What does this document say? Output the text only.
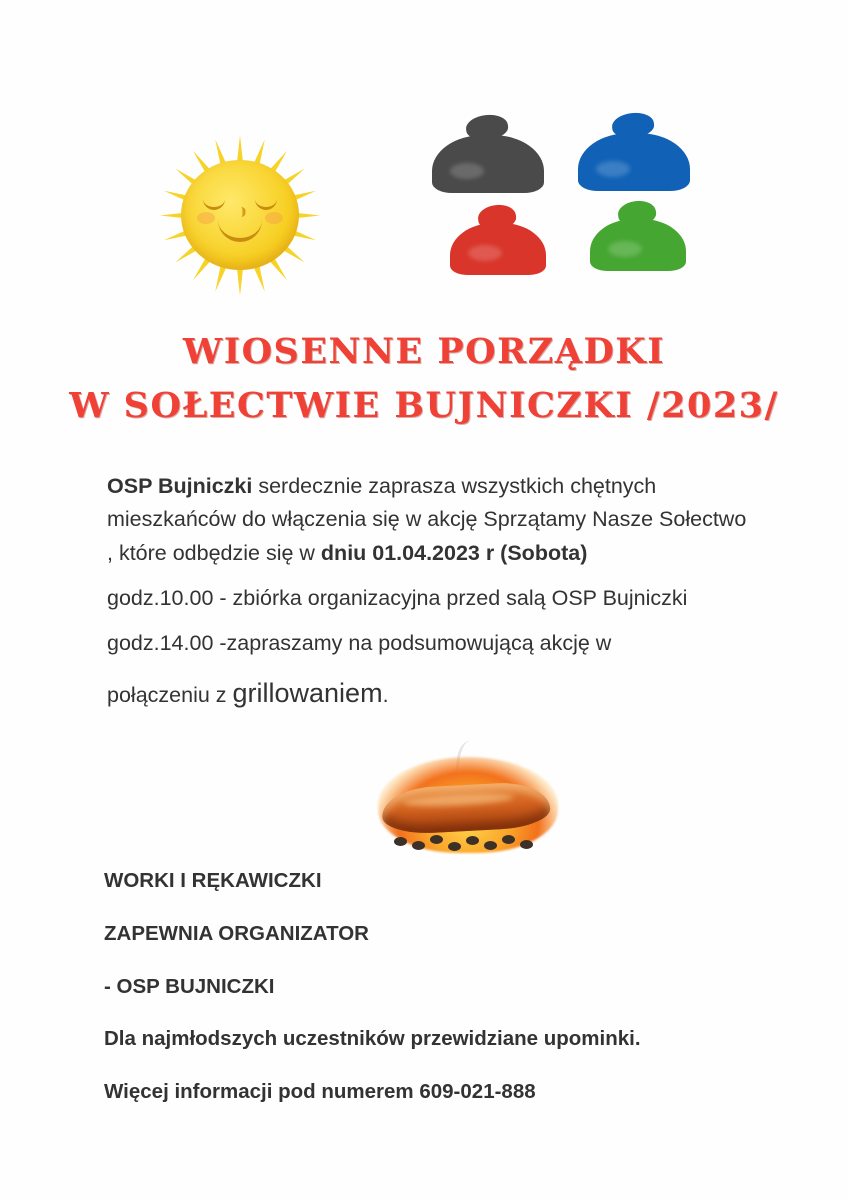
WIOSENNE PORZĄDKI
W SOŁECTWIE BUJNICZKI /2023/

OSP Bujniczki serdecznie zaprasza wszystkich chętnych mieszkańców do włączenia się w akcję Sprzątamy Nasze Sołectwo , które odbędzie się w dniu 01.04.2023 r (Sobota)

godz.10.00 - zbiórka organizacyjna przed salą OSP Bujniczki

godz.14.00 -zapraszamy na podsumowującą akcję w

połączeniu z grillowaniem.

WORKI I RĘKAWICZKI

ZAPEWNIA ORGANIZATOR

- OSP BUJNICZKI

Dla najmłodszych uczestników przewidziane upominki.

Więcej informacji pod numerem 609-021-888
